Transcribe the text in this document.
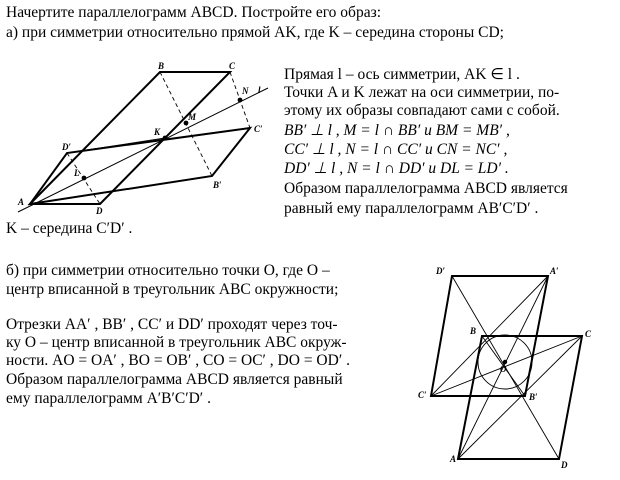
Начертите параллелограмм ABCD. Постройте его образ:
а) при симметрии относительно прямой AK, где K – середина стороны CD;
Прямая l – ось симметрии, AK ∈ l .
Точки A и K лежат на оси симметрии, по-
этому их образы совпадают сами с собой.
BB′ ⊥ l , M = l ∩ BB′ и BM = MB′ ,
CC′ ⊥ l , N = l ∩ CC′ и CN = NC′ ,
DD′ ⊥ l , N = l ∩ DD′ и DL = LD′ .
Образом параллелограмма ABCD является
равный ему параллелограмм AB′C′D′ .
K – середина C′D′ .
б) при симметрии относительно точки O, где O –
центр вписанной в треугольник ABC окружности;
Отрезки AA′ , BB′ , CC′ и DD′ проходят через точ-
ку O – центр вписанной в треугольник ABC окруж-
ности. AO = OA′ , BO = OB′ , CO = OC′ , DO = OD′ .
Образом параллелограмма ABCD является равный
ему параллелограмм A′B′C′D′ .
B	C
A
D
D′
B′
C′
K
M
N
L
l
A
B	C
D
A′
B′
C′
D′
O
